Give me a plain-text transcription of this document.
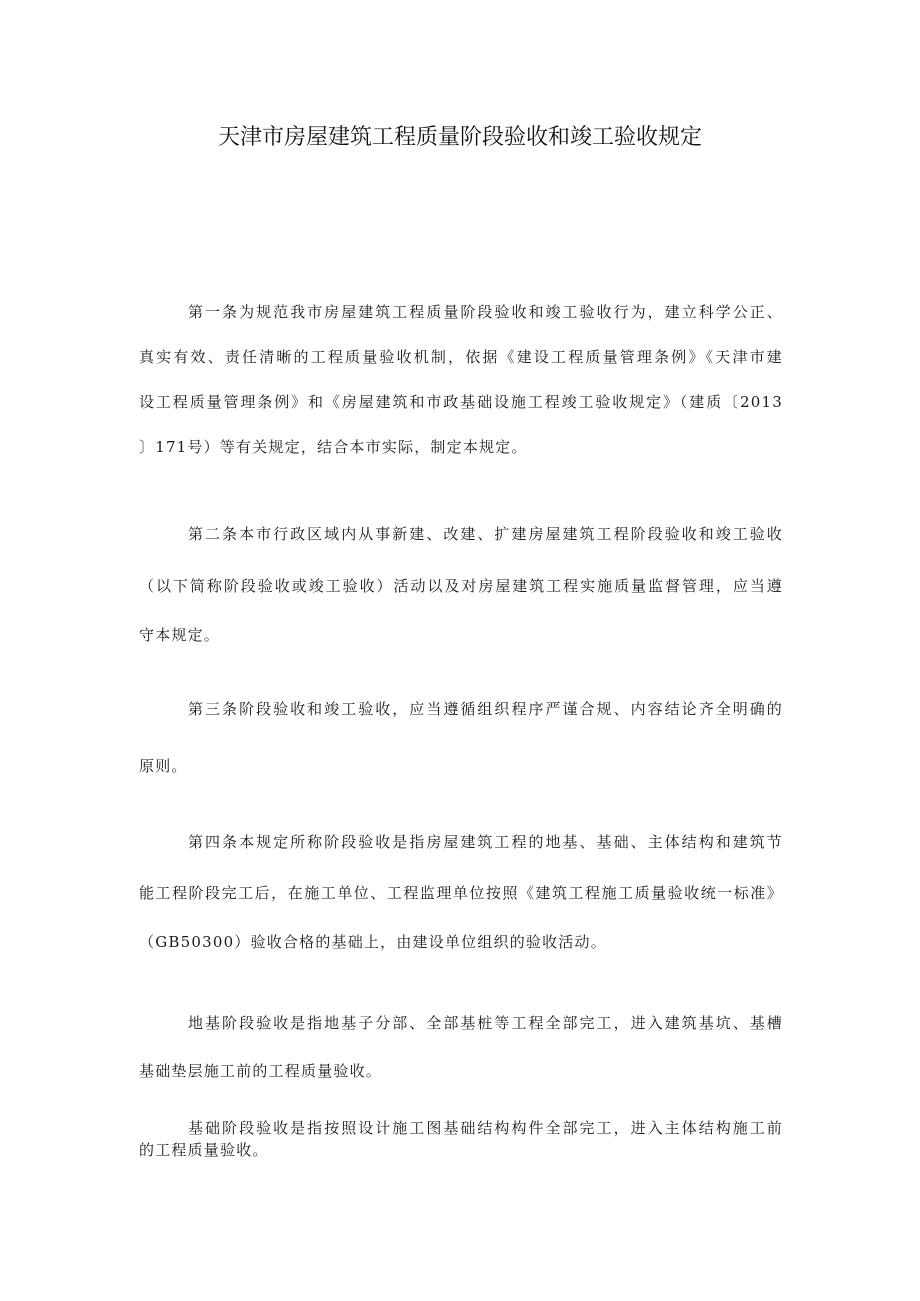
天津市房屋建筑工程质量阶段验收和竣工验收规定
第一条为规范我市房屋建筑工程质量阶段验收和竣工验收行为，建立科学公正、
真实有效、责任清晰的工程质量验收机制，依据《建设工程质量管理条例》《天津市建
设工程质量管理条例》和《房屋建筑和市政基础设施工程竣工验收规定》（建质〔2013
〕171号）等有关规定，结合本市实际，制定本规定。
第二条本市行政区域内从事新建、改建、扩建房屋建筑工程阶段验收和竣工验收
（以下简称阶段验收或竣工验收）活动以及对房屋建筑工程实施质量监督管理，应当遵
守本规定。
第三条阶段验收和竣工验收，应当遵循组织程序严谨合规、内容结论齐全明确的
原则。
第四条本规定所称阶段验收是指房屋建筑工程的地基、基础、主体结构和建筑节
能工程阶段完工后，在施工单位、工程监理单位按照《建筑工程施工质量验收统一标准》
（GB50300）验收合格的基础上，由建设单位组织的验收活动。
地基阶段验收是指地基子分部、全部基桩等工程全部完工，进入建筑基坑、基槽
基础垫层施工前的工程质量验收。
基础阶段验收是指按照设计施工图基础结构构件全部完工，进入主体结构施工前
的工程质量验收。
